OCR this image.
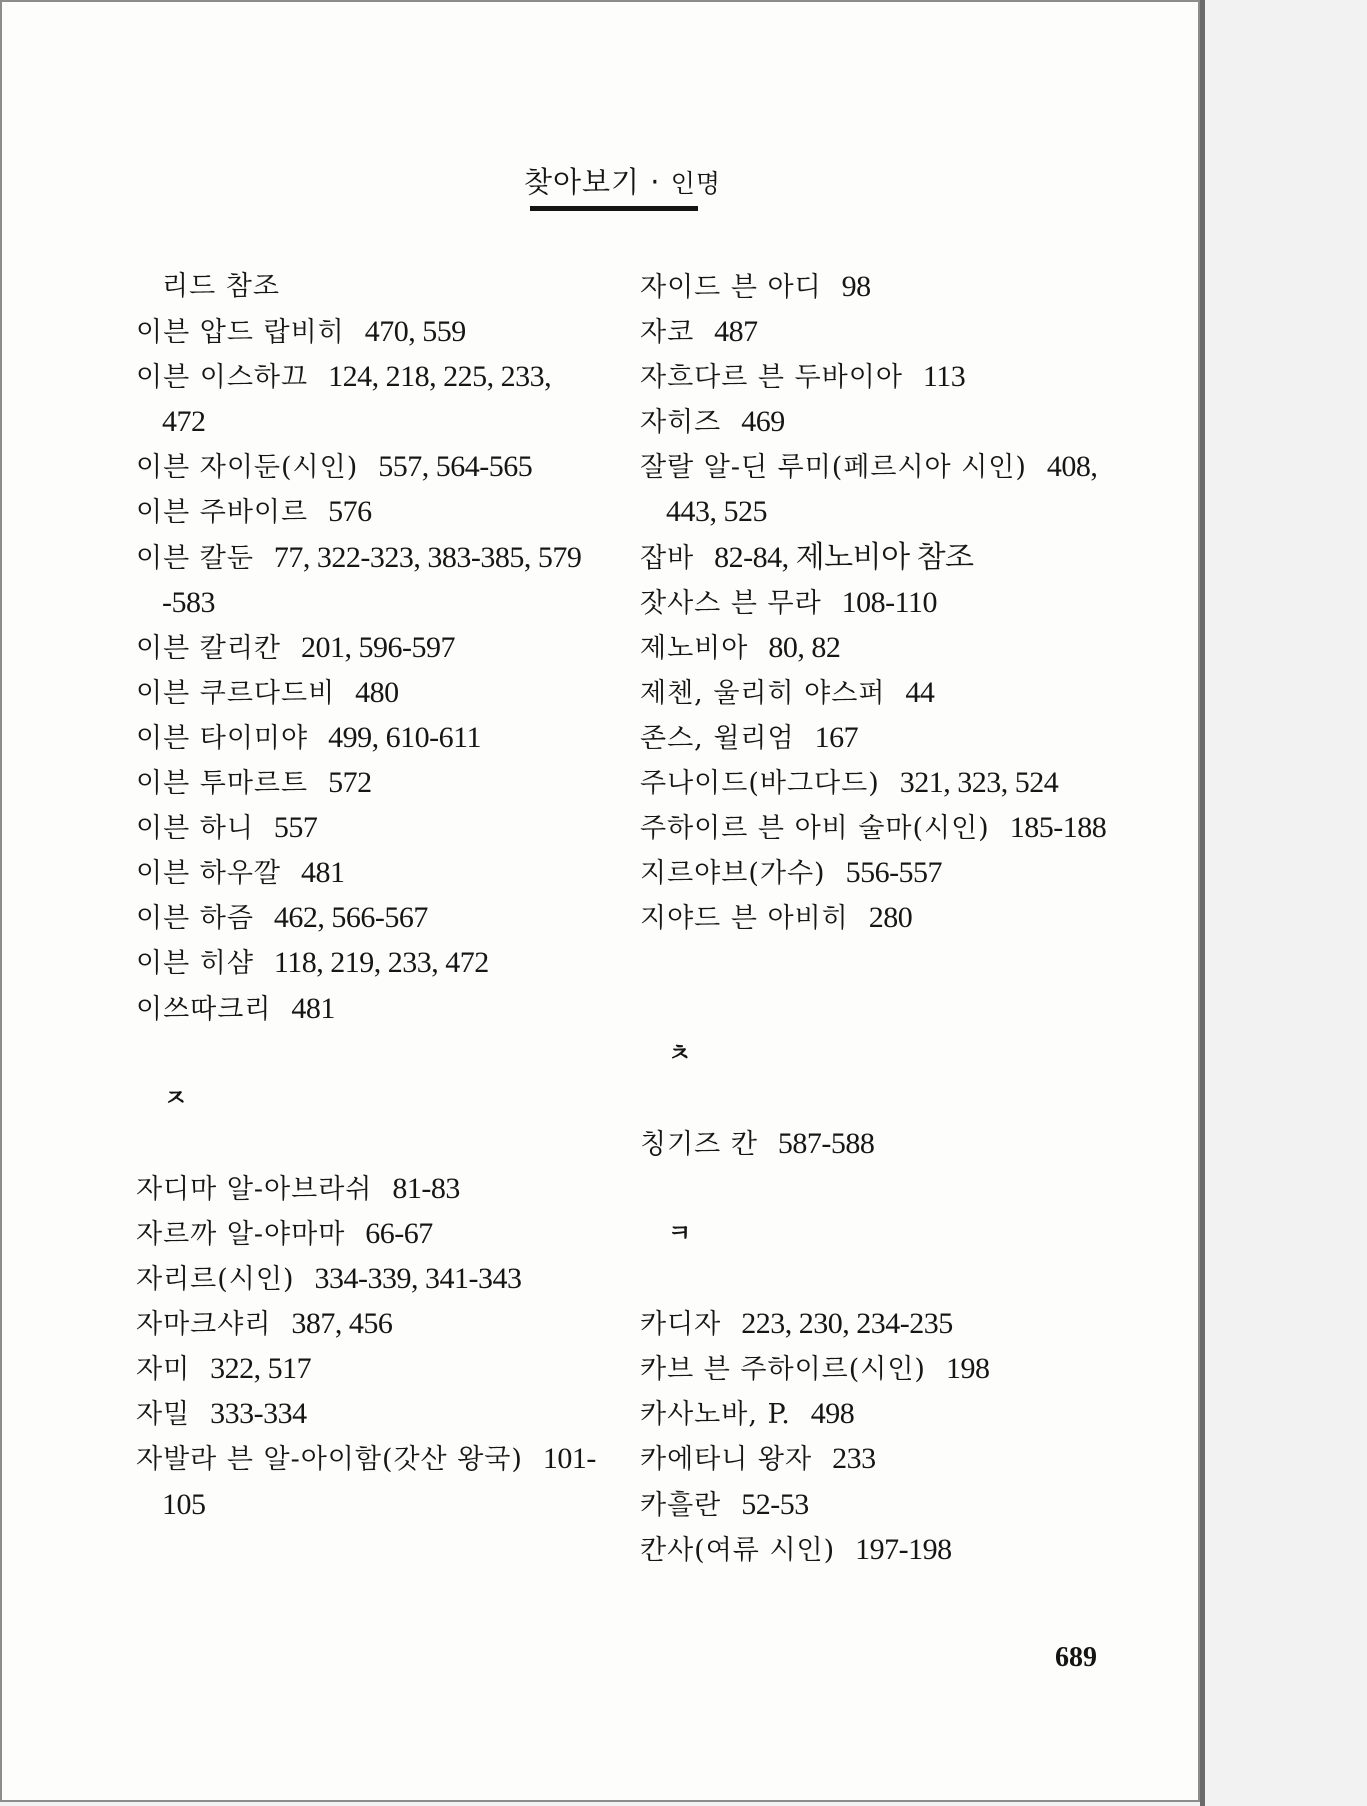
찾아보기 · 인명
리드 참조
이븐 압드 랍비히 470, 559
이븐 이스하끄 124, 218, 225, 233,
472
이븐 자이둔(시인) 557, 564-565
이븐 주바이르 576
이븐 칼둔 77, 322-323, 383-385, 579
-583
이븐 칼리칸 201, 596-597
이븐 쿠르다드비 480
이븐 타이미야 499, 610-611
이븐 투마르트 572
이븐 하니 557
이븐 하우깔 481
이븐 하즘 462, 566-567
이븐 히샴 118, 219, 233, 472
이쓰따크리 481
ㅈ
자디마 알-아브라쉬 81-83
자르까 알-야마마 66-67
자리르(시인) 334-339, 341-343
자마크샤리 387, 456
자미 322, 517
자밀 333-334
자발라 븐 알-아이함(갓산 왕국) 101-
105
자이드 븐 아디 98
자코 487
자흐다르 븐 두바이아 113
자히즈 469
잘랄 알-딘 루미(페르시아 시인) 408,
443, 525
잡바 82-84, 제노비아 참조
잣사스 븐 무라 108-110
제노비아 80, 82
제첸, 울리히 야스퍼 44
존스, 윌리엄 167
주나이드(바그다드) 321, 323, 524
주하이르 븐 아비 술마(시인) 185-188
지르야브(가수) 556-557
지야드 븐 아비히 280
ㅊ
칭기즈 칸 587-588
ㅋ
카디자 223, 230, 234-235
카브 븐 주하이르(시인) 198
카사노바, P. 498
카에타니 왕자 233
카흘란 52-53
칸사(여류 시인) 197-198
689
